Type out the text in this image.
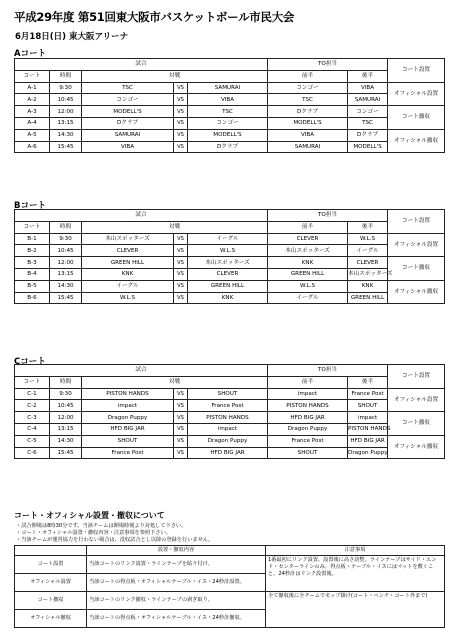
平成29年度 第51回東大阪市バスケットボール市民大会
6月18日(日) 東大阪アリーナ
Aコート
試合					TO担当		コート設置	
コート	時間	対戦			前半	後半	
A-1	9:30	TSC	VS	SAMURAI	コンゴー	VIBA	オフィシャル設置	
A-2	10:45	コンゴー	VS	VIBA	TSC	SAMURAI	
A-3	12:00	MODELL'S	VS	TSC	Dクラブ	コンゴー	コート撤収	
A-4	13:15	Dクラブ	VS	コンゴー	MODELL'S	TSC	
A-5	14:30	SAMURAI	VS	MODELL'S	VIBA	Dクラブ	オフィシャル撤収	
A-6	15:45	VIBA	VS	Dクラブ	SAMURAI	MODELL'S		
Bコート
試合					TO担当		コート設置	
コート	時間	対戦			前半	後半	
B-1	9:30	本山スポッターズ	VS	イーグル	CLEVER	W.L.S	オフィシャル設置	
B-2	10:45	CLEVER	VS	W.L.S	本山スポッターズ	イーグル	
B-3	12:00	GREEN HILL	VS	本山スポッターズ	KNK	CLEVER	コート撤収	
B-4	13:15	KNK	VS	CLEVER	GREEN HILL	本山スポッターズ	
B-5	14:30	イーグル	VS	GREEN HILL	W.L.S	KNK	オフィシャル撤収	
B-6	15:45	W.L.S	VS	KNK	イーグル	GREEN HILL		
Cコート
試合					TO担当		コート設置	
コート	時間	対戦			前半	後半	
C-1	9:30	PISTON HANDS	VS	SHOUT	impact	France Post	オフィシャル設置	
C-2	10:45	impact	VS	France Post	PISTON HANDS	SHOUT	
C-3	12:00	Dragon Puppy	VS	PISTON HANDS	HFD BIG JAR	impact	コート撤収	
C-4	13:15	HFD BIG JAR	VS	impact	Dragon Puppy	PISTON HANDS	
C-5	14:30	SHOUT	VS	Dragon Puppy	France Post	HFD BIG JAR	オフィシャル撤収	
C-6	15:45	France Post	VS	HFD BIG JAR	SHOUT	Dragon Puppy		
コート・オフィシャル設置・撤収について
・試合開場は8時30分です。当該チームは開場時刻より対処して下さい。
・コート・オフィシャル設置・撤収内容・注意事項を参照下さい。
・当該チームが運営協力を行わない場合は、没収試合とし以降の登録を行いません。
	設置・撤収内容	注意事項
コート設置	当該コートのリンク設置・ラインテープを貼り付け。	1番最初にリンク設置。設置後に高さ訪整。ラインテープはサイド・エンド・センターラインのみ。得点板・テーブル・イスにはマットを敷くこと。24秒計はリンク設置後。
オフィシャル設置	当該コートの得点板・オフィシャルテーブル・イス・24秒計設置。	
コート撤収	当該コートのリンク撤収・ラインテープの剥ぎ取り。	全て撤収後に全チームでモップ掛け(コート・ベンチ・コート外まで)
オフィシャル撤収	当該コートの得点板・オフィシャルテーブル・イス・24秒計撤収。	
